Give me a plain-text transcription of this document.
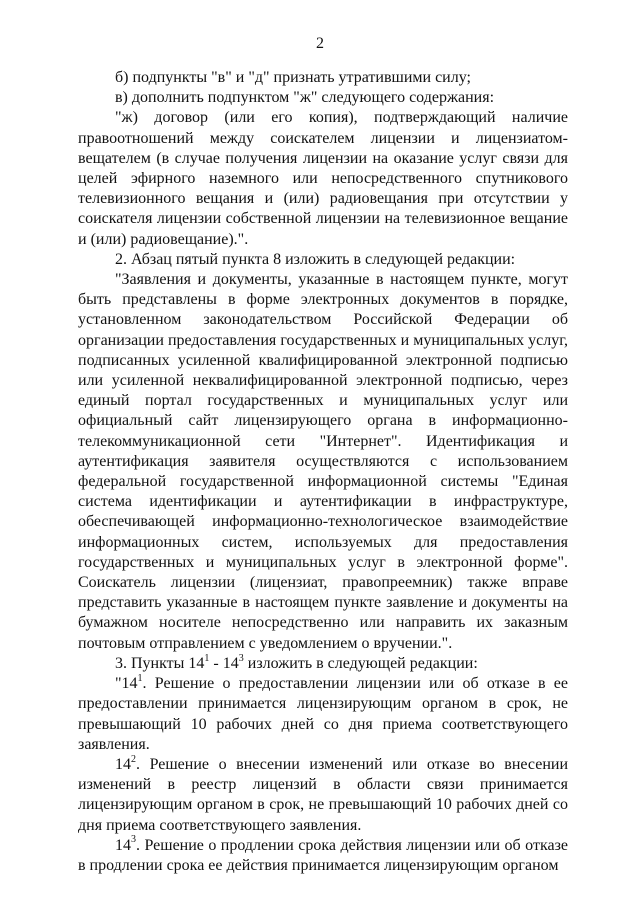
2

б) подпункты "в" и "д" признать утратившими силу;

в) дополнить подпунктом "ж" следующего содержания:

"ж) договор (или его копия), подтверждающий наличие правоотношений между соискателем лицензии и лицензиатом-вещателем (в случае получения лицензии на оказание услуг связи для целей эфирного наземного или непосредственного спутникового телевизионного вещания и (или) радиовещания при отсутствии у соискателя лицензии собственной лицензии на телевизионное вещание и (или) радиовещание).".

2. Абзац пятый пункта 8 изложить в следующей редакции:

"Заявления и документы, указанные в настоящем пункте, могут быть представлены в форме электронных документов в порядке, установленном законодательством Российской Федерации об организации предоставления государственных и муниципальных услуг, подписанных усиленной квалифицированной электронной подписью или усиленной неквалифицированной электронной подписью, через единый портал государственных и муниципальных услуг или официальный сайт лицензирующего органа в информационно-телекоммуникационной сети "Интернет". Идентификация и аутентификация заявителя осуществляются с использованием федеральной государственной информационной системы "Единая система идентификации и аутентификации в инфраструктуре, обеспечивающей информационно-технологическое взаимодействие информационных систем, используемых для предоставления государственных и муниципальных услуг в электронной форме". Соискатель лицензии (лицензиат, правопреемник) также вправе представить указанные в настоящем пункте заявление и документы на бумажном носителе непосредственно или направить их заказным почтовым отправлением с уведомлением о вручении.".

3. Пункты $14^1 - 14^3$ изложить в следующей редакции:

"$14^1$. Решение о предоставлении лицензии или об отказе в ее предоставлении принимается лицензирующим органом в срок, не превышающий 10 рабочих дней со дня приема соответствующего заявления.

$14^2$. Решение о внесении изменений или отказе во внесении изменений в реестр лицензий в области связи принимается лицензирующим органом в срок, не превышающий 10 рабочих дней со дня приема соответствующего заявления.

$14^3$. Решение о продлении срока действия лицензии или об отказе в продлении срока ее действия принимается лицензирующим органом
